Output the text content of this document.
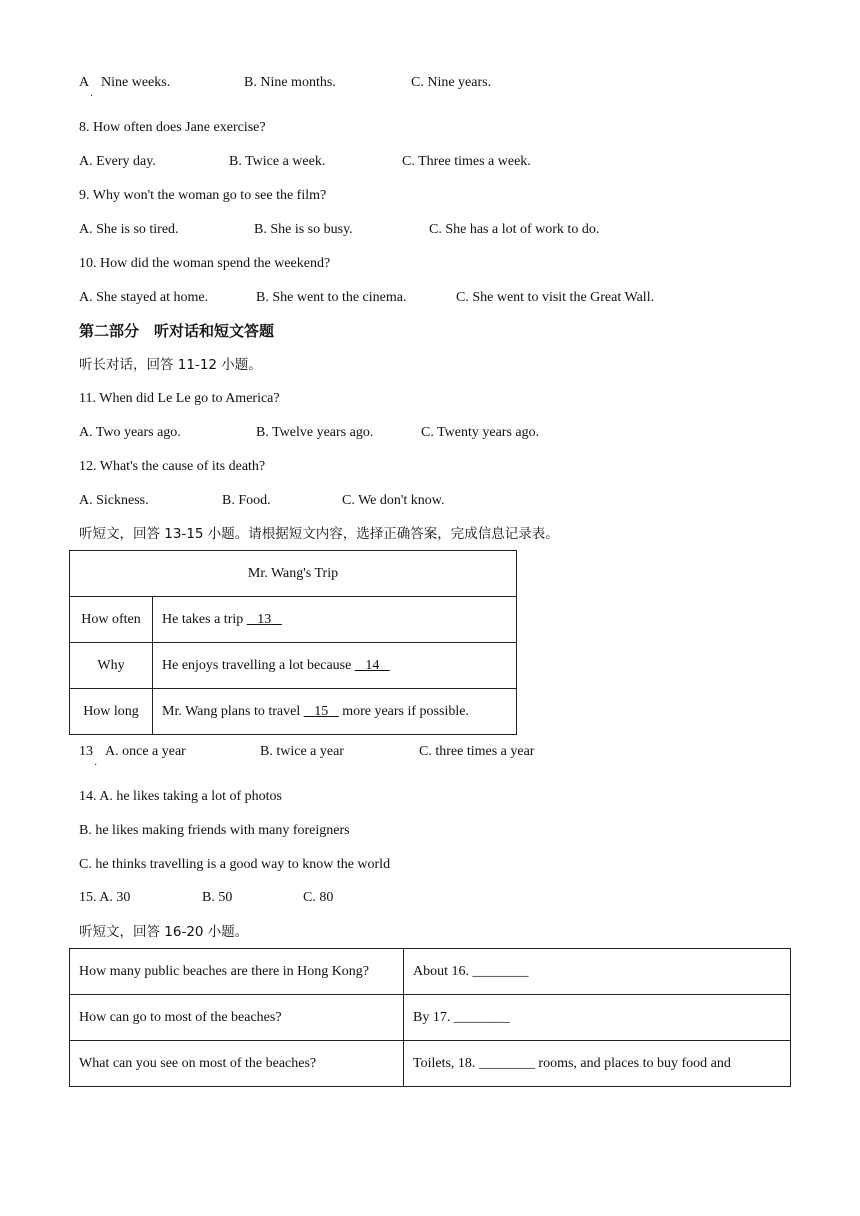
A
·
Nine weeks.	B. Nine months.	C. Nine years.
8. How often does Jane exercise?
A. Every day.	B. Twice a week.	C. Three times a week.
9. Why won't the woman go to see the film?
A. She is so tired.	B. She is so busy.	C. She has a lot of work to do.
10. How did the woman spend the weekend?
A. She stayed at home.	B. She went to the cinema.	C. She went to visit the Great Wall.
第二部分　听对话和短文答题
听长对话，回答 11-12 小题。
11. When did Le Le go to America?
A. Two years ago.	B. Twelve years ago.	C. Twenty years ago.
12. What's the cause of its death?
A. Sickness.	B. Food.	C. We don't know.
听短文，回答 13-15 小题。请根据短文内容，选择正确答案，完成信息记录表。
Mr. Wang's Trip	
How often	He takes a trip    13
Why	He enjoys travelling a lot because    14
How long	Mr. Wang plans to travel    15    more years if possible.
13
·
A. once a year	B. twice a year	C. three times a year
14. A. he likes taking a lot of photos
B. he likes making friends with many foreigners
C. he thinks travelling is a good way to know the world
15. A. 30	B. 50	C. 80
听短文，回答 16-20 小题。
How many public beaches are there in Hong Kong?	About 16. ________
How can go to most of the beaches?	By 17. ________
What can you see on most of the beaches?	Toilets, 18. ________ rooms, and places to buy food and
